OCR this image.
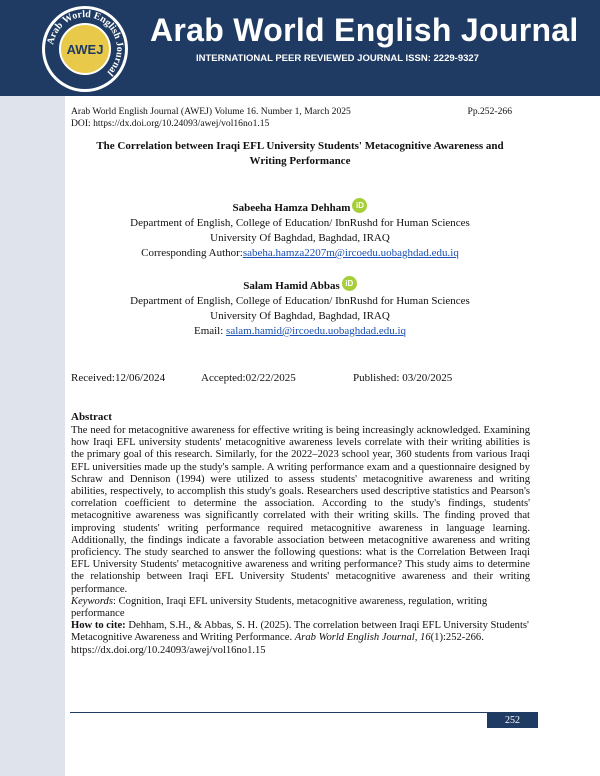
Arab World English Journal
AWEJ
Arab World English Journal
INTERNATIONAL PEER REVIEWED JOURNAL ISSN: 2229-9327
Arab World English Journal (AWEJ) Volume 16. Number 1, March 2025	Pp.252-266
DOI: https://dx.doi.org/10.24093/awej/vol16no1.15
The Correlation between Iraqi EFL University Students' Metacognitive Awareness and
Writing Performance
Sabeeha Hamza Dehham iD
Department of English, College of Education/ IbnRushd for Human Sciences
University Of Baghdad, Baghdad, IRAQ
Corresponding Author:sabeha.hamza2207m@ircoedu.uobaghdad.edu.iq
Salam Hamid Abbas iD
Department of English, College of Education/ IbnRushd for Human Sciences
University Of Baghdad, Baghdad, IRAQ
Email: salam.hamid@ircoedu.uobaghdad.edu.iq
Received:12/06/2024	Accepted:02/22/2025	Published: 03/20/2025
Abstract
The need for metacognitive awareness for effective writing is being increasingly acknowledged. Examining how Iraqi EFL university students' metacognitive awareness levels correlate with their writing abilities is the primary goal of this research. Similarly, for the 2022–2023 school year, 360 students from various Iraqi EFL universities made up the study's sample. A writing performance exam and a questionnaire designed by Schraw and Dennison (1994) were utilized to assess students' metacognitive awareness and writing abilities, respectively, to accomplish this study's goals. Researchers used descriptive statistics and Pearson's correlation coefficient to determine the association. According to the study's findings, students' metacognitive awareness was significantly correlated with their writing skills. The finding proved that improving students' writing performance required metacognitive awareness in language learning. Additionally, the findings indicate a favorable association between metacognitive awareness and writing proficiency. The study searched to answer the following questions: what is the Correlation Between Iraqi EFL University Students' metacognitive awareness and writing performance? This study aims to determine the relationship between Iraqi EFL University Students' metacognitive awareness and their writing performance.
Keywords: Cognition, Iraqi EFL university Students, metacognitive awareness, regulation, writing performance
How to cite: Dehham, S.H., & Abbas, S. H. (2025). The correlation between Iraqi EFL University Students' Metacognitive Awareness and Writing Performance. Arab World English Journal, 16(1):252-266. https://dx.doi.org/10.24093/awej/vol16no1.15
252
